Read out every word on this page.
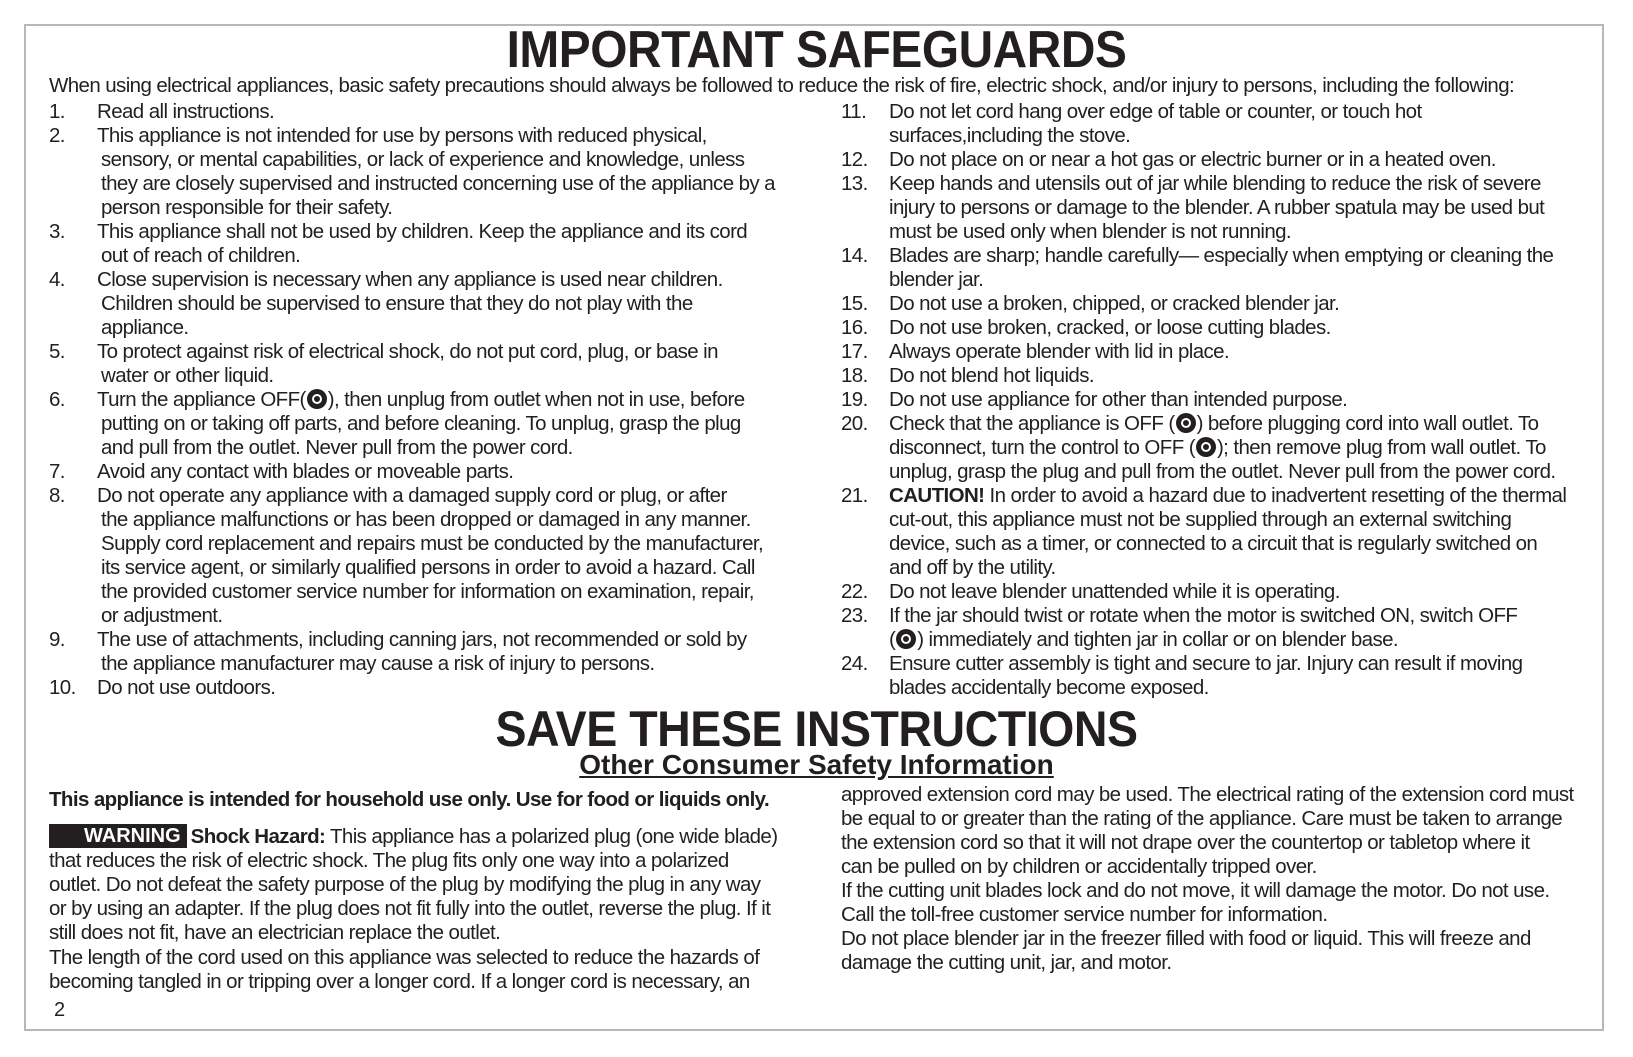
IMPORTANT SAFEGUARDS
When using electrical appliances, basic safety precautions should always be followed to reduce the risk of fire, electric shock, and/or injury to persons, including the following:
1. Read all instructions.
2. This appliance is not intended for use by persons with reduced physical,
sensory, or mental capabilities, or lack of experience and knowledge, unless
they are closely supervised and instructed concerning use of the appliance by a
person responsible for their safety.
3. This appliance shall not be used by children. Keep the appliance and its cord
out of reach of children.
4. Close supervision is necessary when any appliance is used near children.
Children should be supervised to ensure that they do not play with the
appliance.
5. To protect against risk of electrical shock, do not put cord, plug, or base in
water or other liquid.
6. Turn the appliance OFF( ), then unplug from outlet when not in use, before
putting on or taking off parts, and before cleaning. To unplug, grasp the plug
and pull from the outlet. Never pull from the power cord.
7. Avoid any contact with blades or moveable parts.
8. Do not operate any appliance with a damaged supply cord or plug, or after
the appliance malfunctions or has been dropped or damaged in any manner.
Supply cord replacement and repairs must be conducted by the manufacturer,
its service agent, or similarly qualified persons in order to avoid a hazard. Call
the provided customer service number for information on examination, repair,
or adjustment.
9. The use of attachments, including canning jars, not recommended or sold by
the appliance manufacturer may cause a risk of injury to persons.
10. Do not use outdoors.
11. Do not let cord hang over edge of table or counter, or touch hot
surfaces,including the stove.
12. Do not place on or near a hot gas or electric burner or in a heated oven.
13. Keep hands and utensils out of jar while blending to reduce the risk of severe
injury to persons or damage to the blender. A rubber spatula may be used but
must be used only when blender is not running.
14. Blades are sharp; handle carefully— especially when emptying or cleaning the
blender jar.
15. Do not use a broken, chipped, or cracked blender jar.
16. Do not use broken, cracked, or loose cutting blades.
17. Always operate blender with lid in place.
18. Do not blend hot liquids.
19. Do not use appliance for other than intended purpose.
20. Check that the appliance is OFF ( ) before plugging cord into wall outlet. To
disconnect, turn the control to OFF ( ); then remove plug from wall outlet. To
unplug, grasp the plug and pull from the outlet. Never pull from the power cord.
21. CAUTION! In order to avoid a hazard due to inadvertent resetting of the thermal
cut-out, this appliance must not be supplied through an external switching
device, such as a timer, or connected to a circuit that is regularly switched on
and off by the utility.
22. Do not leave blender unattended while it is operating.
23. If the jar should twist or rotate when the motor is switched ON, switch OFF
( ) immediately and tighten jar in collar or on blender base.
24. Ensure cutter assembly is tight and secure to jar. Injury can result if moving
blades accidentally become exposed.
SAVE THESE INSTRUCTIONS
Other Consumer Safety Information
This appliance is intended for household use only. Use for food or liquids only.
WARNING Shock Hazard: This appliance has a polarized plug (one wide blade)
that reduces the risk of electric shock. The plug fits only one way into a polarized
outlet. Do not defeat the safety purpose of the plug by modifying the plug in any way
or by using an adapter. If the plug does not fit fully into the outlet, reverse the plug. If it
still does not fit, have an electrician replace the outlet.
The length of the cord used on this appliance was selected to reduce the hazards of
becoming tangled in or tripping over a longer cord. If a longer cord is necessary, an
approved extension cord may be used. The electrical rating of the extension cord must
be equal to or greater than the rating of the appliance. Care must be taken to arrange
the extension cord so that it will not drape over the countertop or tabletop where it
can be pulled on by children or accidentally tripped over.
If the cutting unit blades lock and do not move, it will damage the motor. Do not use.
Call the toll-free customer service number for information.
Do not place blender jar in the freezer filled with food or liquid. This will freeze and
damage the cutting unit, jar, and motor.
2
